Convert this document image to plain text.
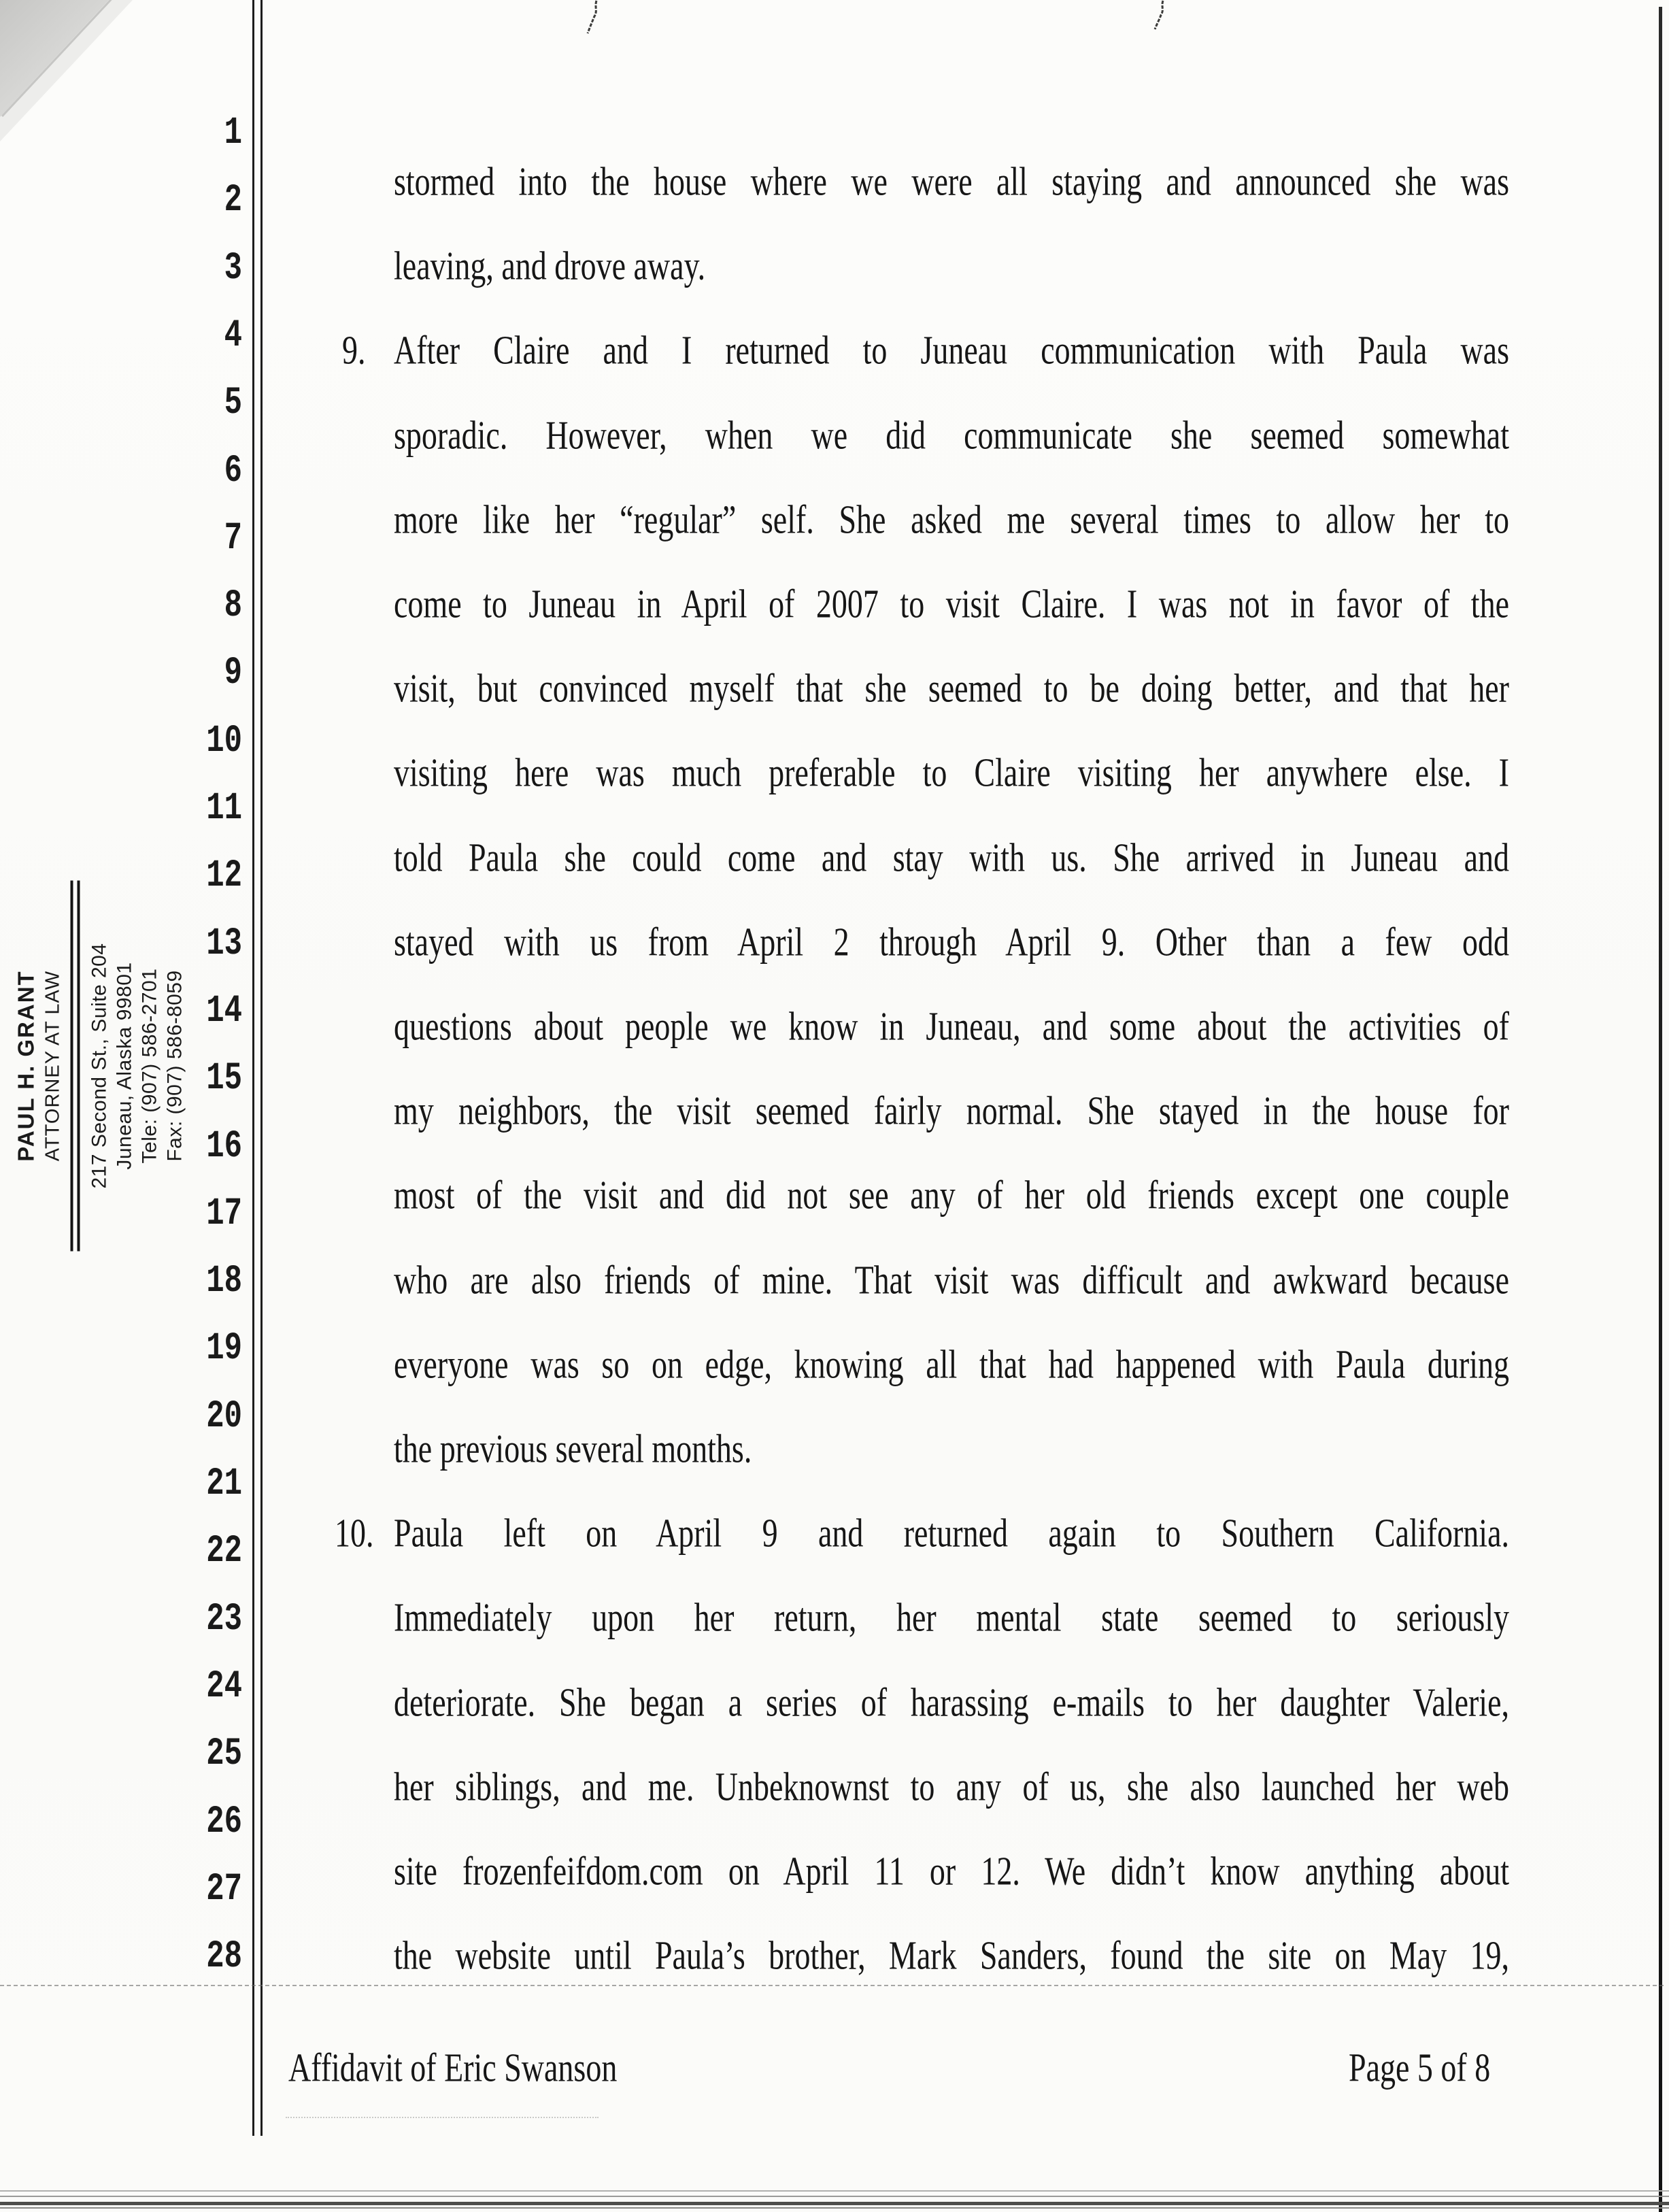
PAUL H. GRANT ATTORNEY AT LAW 217 Second St., Suite 204 Juneau, Alaska 99801 Tele: (907) 586-2701 Fax: (907) 586-8059
1
2
3
4
5
6
7
8
9
10
11
12
13
14
15
16
17
18
19
20
21
22
23
24
25
26
27
28
stormed into the house where we were all staying and announced she was
leaving, and drove away.
After Claire and I returned to Juneau communication with Paula was
9.
sporadic. However, when we did communicate she seemed somewhat
more like her “regular” self. She asked me several times to allow her to
come to Juneau in April of 2007 to visit Claire. I was not in favor of the
visit, but convinced myself that she seemed to be doing better, and that her
visiting here was much preferable to Claire visiting her anywhere else. I
told Paula she could come and stay with us. She arrived in Juneau and
stayed with us from April 2 through April 9. Other than a few odd
questions about people we know in Juneau, and some about the activities of
my neighbors, the visit seemed fairly normal. She stayed in the house for
most of the visit and did not see any of her old friends except one couple
who are also friends of mine. That visit was difficult and awkward because
everyone was so on edge, knowing all that had happened with Paula during
the previous several months.
Paula left on April 9 and returned again to Southern California.
10.
Immediately upon her return, her mental state seemed to seriously
deteriorate. She began a series of harassing e-mails to her daughter Valerie,
her siblings, and me. Unbeknownst to any of us, she also launched her web
site frozenfeifdom.com on April 11 or 12. We didn’t know anything about
the website until Paula’s brother, Mark Sanders, found the site on May 19,
Affidavit of Eric Swanson	Page 5 of 8
